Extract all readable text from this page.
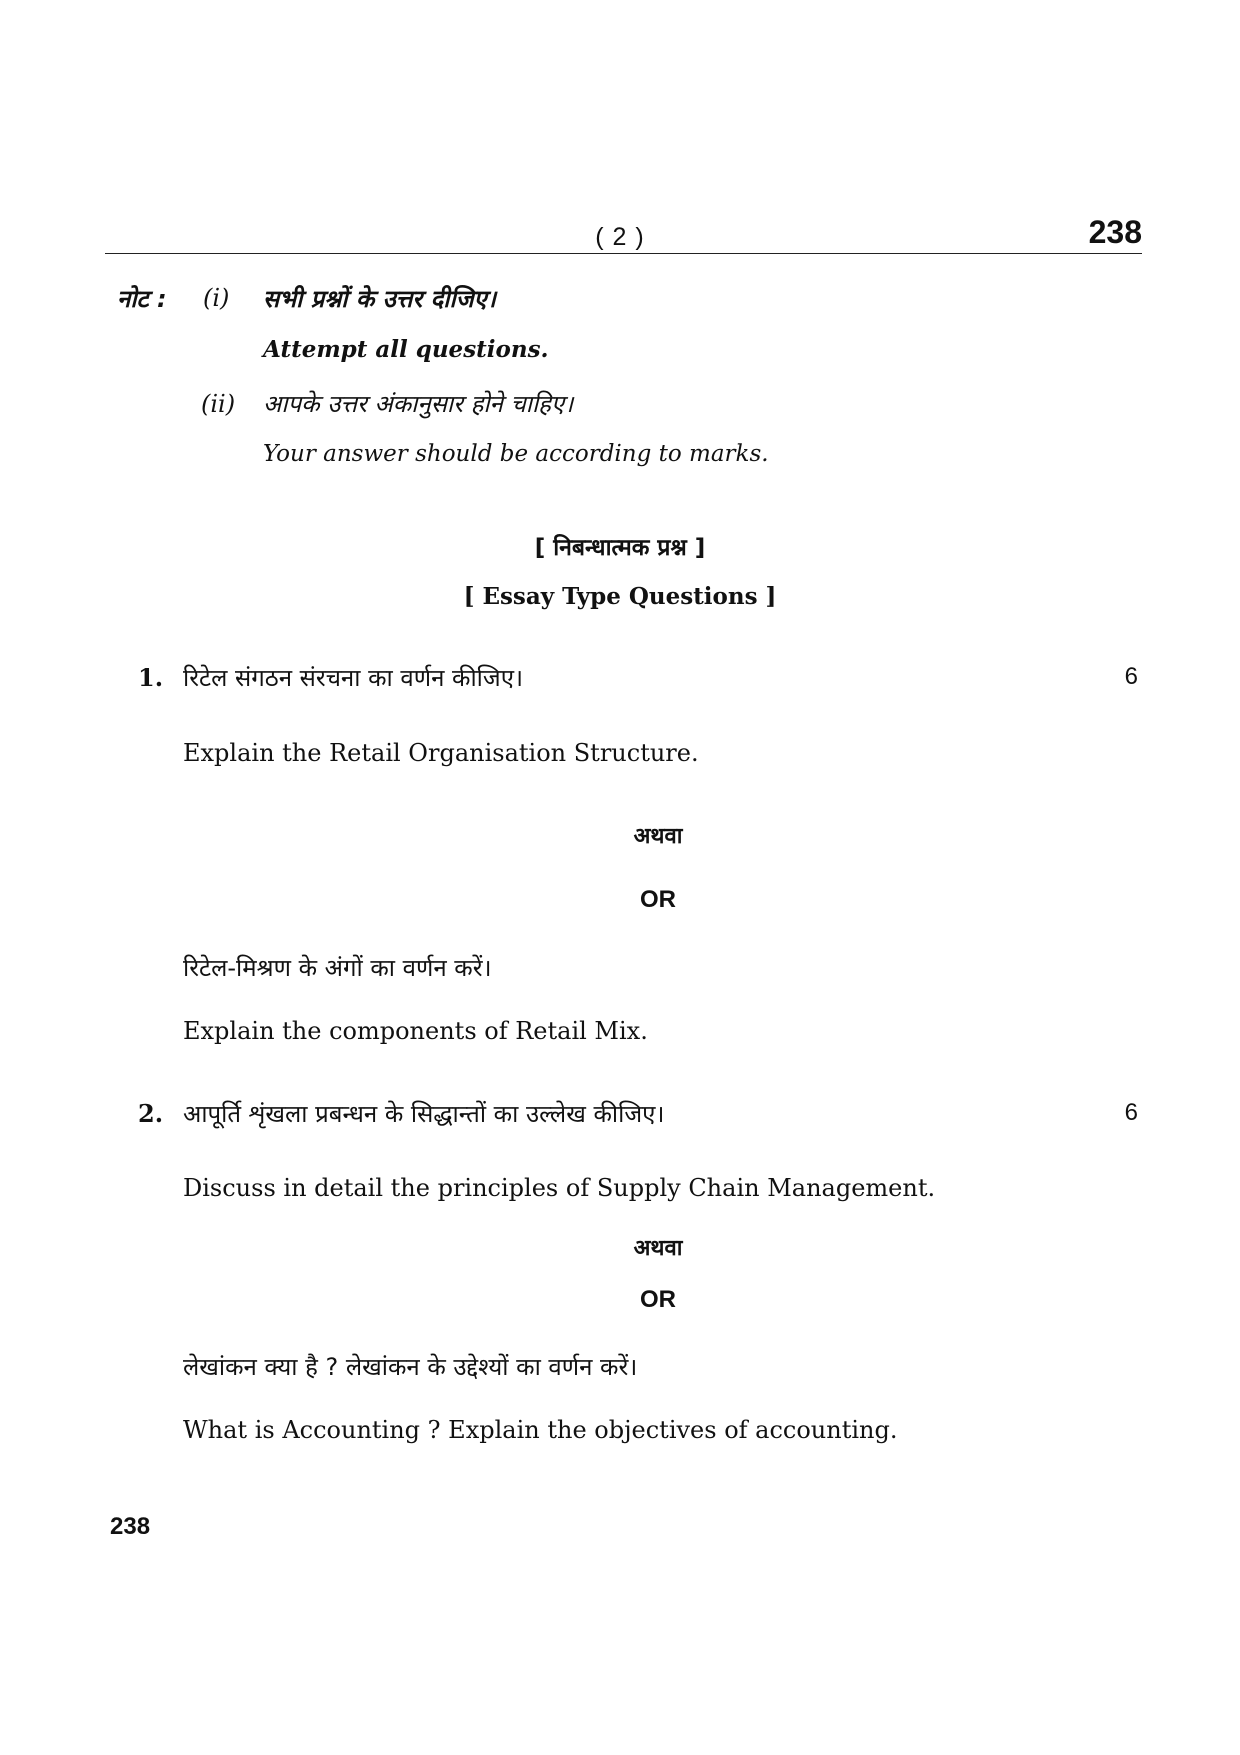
( 2 )	238
नोट : (i) सभी प्रश्नों के उत्तर दीजिए।
Attempt all questions.
(ii) आपके उत्तर अंकानुसार होने चाहिए।
Your answer should be according to marks.
[ निबन्धात्मक प्रश्न ]
[ Essay Type Questions ]
1. रिटेल संगठन संरचना का वर्णन कीजिए।	6
Explain the Retail Organisation Structure.
अथवा
OR
रिटेल-मिश्रण के अंगों का वर्णन करें।
Explain the components of Retail Mix.
2. आपूर्ति शृंखला प्रबन्धन के सिद्धान्तों का उल्लेख कीजिए।	6
Discuss in detail the principles of Supply Chain Management.
अथवा
OR
लेखांकन क्या है ? लेखांकन के उद्देश्यों का वर्णन करें।
What is Accounting ? Explain the objectives of accounting.
238
